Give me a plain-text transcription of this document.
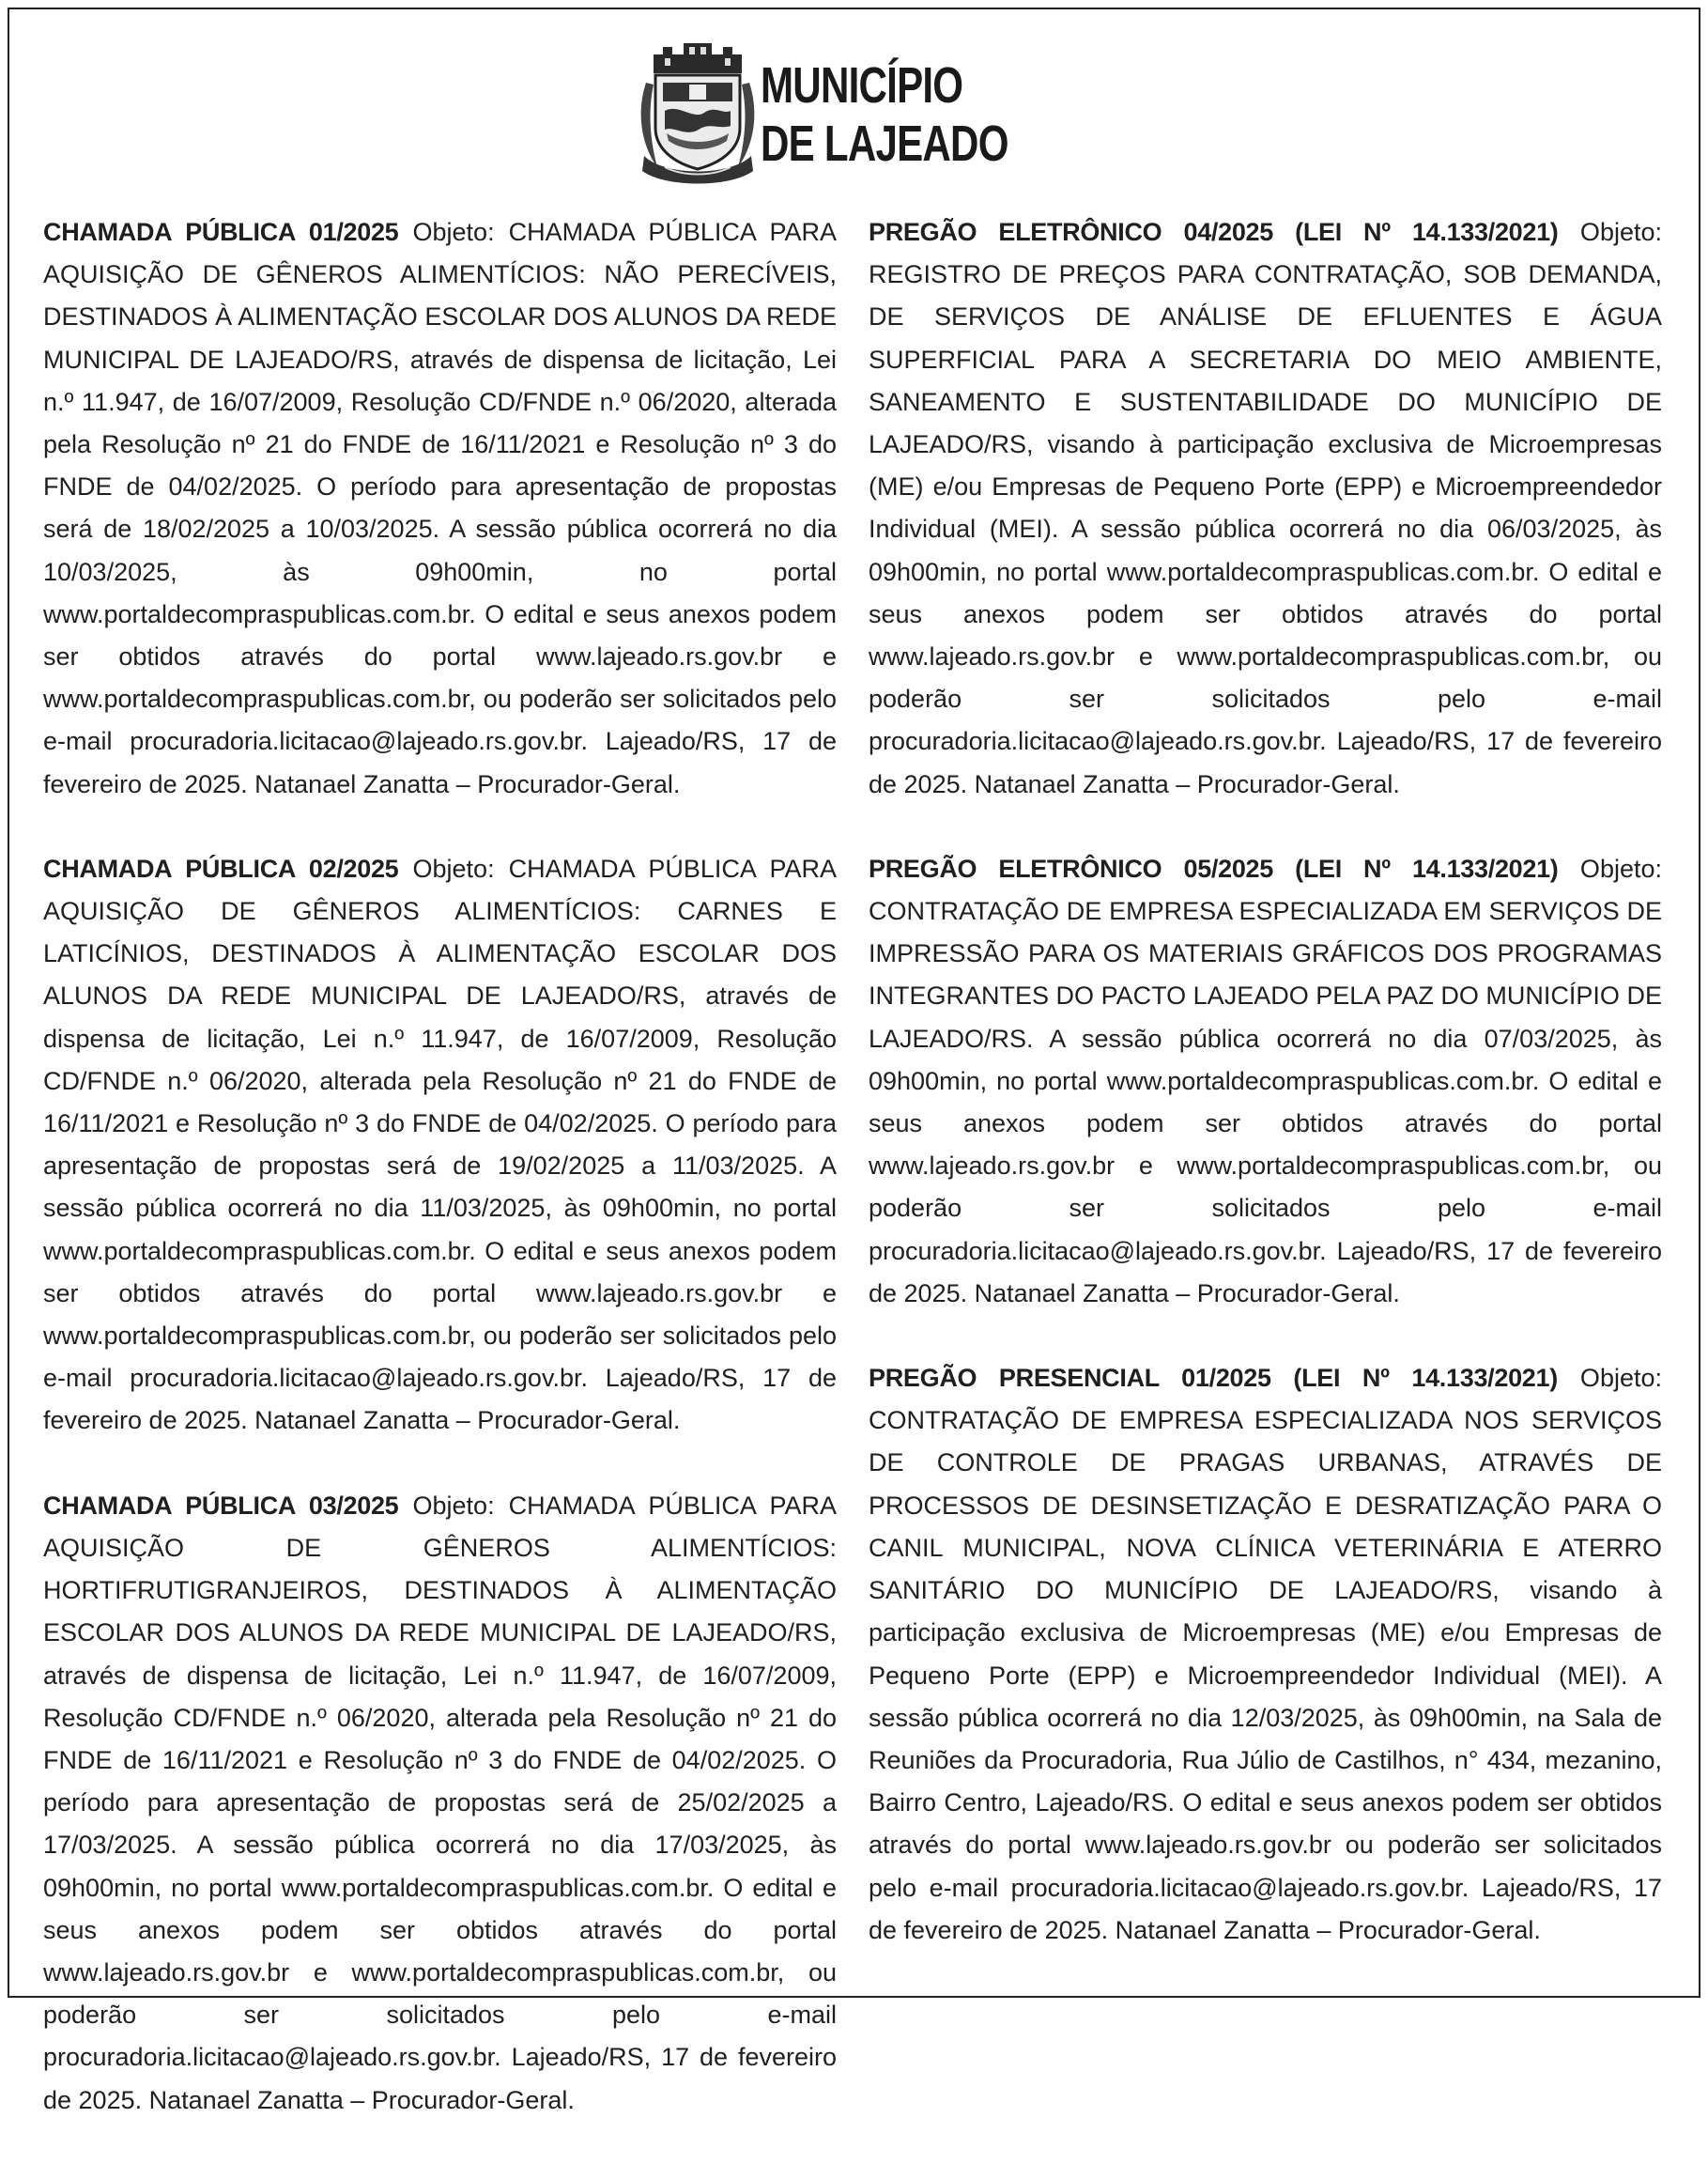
MUNICÍPIO
DE LAJEADO

CHAMADA PÚBLICA 01/2025 Objeto: CHAMADA PÚBLICA PARA AQUISIÇÃO DE GÊNEROS ALIMENTÍCIOS: NÃO PERECÍVEIS, DESTINADOS À ALIMENTAÇÃO ESCOLAR DOS ALUNOS DA REDE MUNICIPAL DE LAJEADO/RS, através de dispensa de licitação, Lei n.º 11.947, de 16/07/2009, Resolução CD/FNDE n.º 06/2020, alterada pela Resolução nº 21 do FNDE de 16/11/2021 e Resolução nº 3 do FNDE de 04/02/2025. O período para apresentação de propostas será de 18/02/2025 a 10/03/2025. A sessão pública ocorrerá no dia 10/03/2025, às 09h00min, no portal www.portaldecompraspublicas.com.br. O edital e seus anexos podem ser obtidos através do portal www.lajeado.rs.gov.br e www.portaldecompraspublicas.com.br, ou poderão ser solicitados pelo e-mail procuradoria.licitacao@lajeado.rs.gov.br. Lajeado/RS, 17 de fevereiro de 2025. Natanael Zanatta – Procurador-Geral.

CHAMADA PÚBLICA 02/2025 Objeto: CHAMADA PÚBLICA PARA AQUISIÇÃO DE GÊNEROS ALIMENTÍCIOS: CARNES E LATICÍNIOS, DESTINADOS À ALIMENTAÇÃO ESCOLAR DOS ALUNOS DA REDE MUNICIPAL DE LAJEADO/RS, através de dispensa de licitação, Lei n.º 11.947, de 16/07/2009, Resolução CD/FNDE n.º 06/2020, alterada pela Resolução nº 21 do FNDE de 16/11/2021 e Resolução nº 3 do FNDE de 04/02/2025. O período para apresentação de propostas será de 19/02/2025 a 11/03/2025. A sessão pública ocorrerá no dia 11/03/2025, às 09h00min, no portal www.portaldecompraspublicas.com.br. O edital e seus anexos podem ser obtidos através do portal www.lajeado.rs.gov.br e www.portaldecompraspublicas.com.br, ou poderão ser solicitados pelo e-mail procuradoria.licitacao@lajeado.rs.gov.br. Lajeado/RS, 17 de fevereiro de 2025. Natanael Zanatta – Procurador-Geral.

CHAMADA PÚBLICA 03/2025 Objeto: CHAMADA PÚBLICA PARA AQUISIÇÃO DE GÊNEROS ALIMENTÍCIOS: HORTIFRUTIGRANJEIROS, DESTINADOS À ALIMENTAÇÃO ESCOLAR DOS ALUNOS DA REDE MUNICIPAL DE LAJEADO/RS, através de dispensa de licitação, Lei n.º 11.947, de 16/07/2009, Resolução CD/FNDE n.º 06/2020, alterada pela Resolução nº 21 do FNDE de 16/11/2021 e Resolução nº 3 do FNDE de 04/02/2025. O período para apresentação de propostas será de 25/02/2025 a 17/03/2025. A sessão pública ocorrerá no dia 17/03/2025, às 09h00min, no portal www.portaldecompraspublicas.com.br. O edital e seus anexos podem ser obtidos através do portal www.lajeado.rs.gov.br e www.portaldecompraspublicas.com.br, ou poderão ser solicitados pelo e-mail procuradoria.licitacao@lajeado.rs.gov.br. Lajeado/RS, 17 de fevereiro de 2025. Natanael Zanatta – Procurador-Geral.

PREGÃO ELETRÔNICO 04/2025 (LEI Nº 14.133/2021) Objeto: REGISTRO DE PREÇOS PARA CONTRATAÇÃO, SOB DEMANDA, DE SERVIÇOS DE ANÁLISE DE EFLUENTES E ÁGUA SUPERFICIAL PARA A SECRETARIA DO MEIO AMBIENTE, SANEAMENTO E SUSTENTABILIDADE DO MUNICÍPIO DE LAJEADO/RS, visando à participação exclusiva de Microempresas (ME) e/ou Empresas de Pequeno Porte (EPP) e Microempreendedor Individual (MEI). A sessão pública ocorrerá no dia 06/03/2025, às 09h00min, no portal www.portaldecompraspublicas.com.br. O edital e seus anexos podem ser obtidos através do portal www.lajeado.rs.gov.br e www.portaldecompraspublicas.com.br, ou poderão ser solicitados pelo e-mail procuradoria.licitacao@lajeado.rs.gov.br. Lajeado/RS, 17 de fevereiro de 2025. Natanael Zanatta – Procurador-Geral.

PREGÃO ELETRÔNICO 05/2025 (LEI Nº 14.133/2021) Objeto: CONTRATAÇÃO DE EMPRESA ESPECIALIZADA EM SERVIÇOS DE IMPRESSÃO PARA OS MATERIAIS GRÁFICOS DOS PROGRAMAS INTEGRANTES DO PACTO LAJEADO PELA PAZ DO MUNICÍPIO DE LAJEADO/RS. A sessão pública ocorrerá no dia 07/03/2025, às 09h00min, no portal www.portaldecompraspublicas.com.br. O edital e seus anexos podem ser obtidos através do portal www.lajeado.rs.gov.br e www.portaldecompraspublicas.com.br, ou poderão ser solicitados pelo e-mail procuradoria.licitacao@lajeado.rs.gov.br. Lajeado/RS, 17 de fevereiro de 2025. Natanael Zanatta – Procurador-Geral.

PREGÃO PRESENCIAL 01/2025 (LEI Nº 14.133/2021) Objeto: CONTRATAÇÃO DE EMPRESA ESPECIALIZADA NOS SERVIÇOS DE CONTROLE DE PRAGAS URBANAS, ATRAVÉS DE PROCESSOS DE DESINSETIZAÇÃO E DESRATIZAÇÃO PARA O CANIL MUNICIPAL, NOVA CLÍNICA VETERINÁRIA E ATERRO SANITÁRIO DO MUNICÍPIO DE LAJEADO/RS, visando à participação exclusiva de Microempresas (ME) e/ou Empresas de Pequeno Porte (EPP) e Microempreendedor Individual (MEI). A sessão pública ocorrerá no dia 12/03/2025, às 09h00min, na Sala de Reuniões da Procuradoria, Rua Júlio de Castilhos, n° 434, mezanino, Bairro Centro, Lajeado/RS. O edital e seus anexos podem ser obtidos através do portal www.lajeado.rs.gov.br ou poderão ser solicitados pelo e-mail procuradoria.licitacao@lajeado.rs.gov.br. Lajeado/RS, 17 de fevereiro de 2025. Natanael Zanatta – Procurador-Geral.
